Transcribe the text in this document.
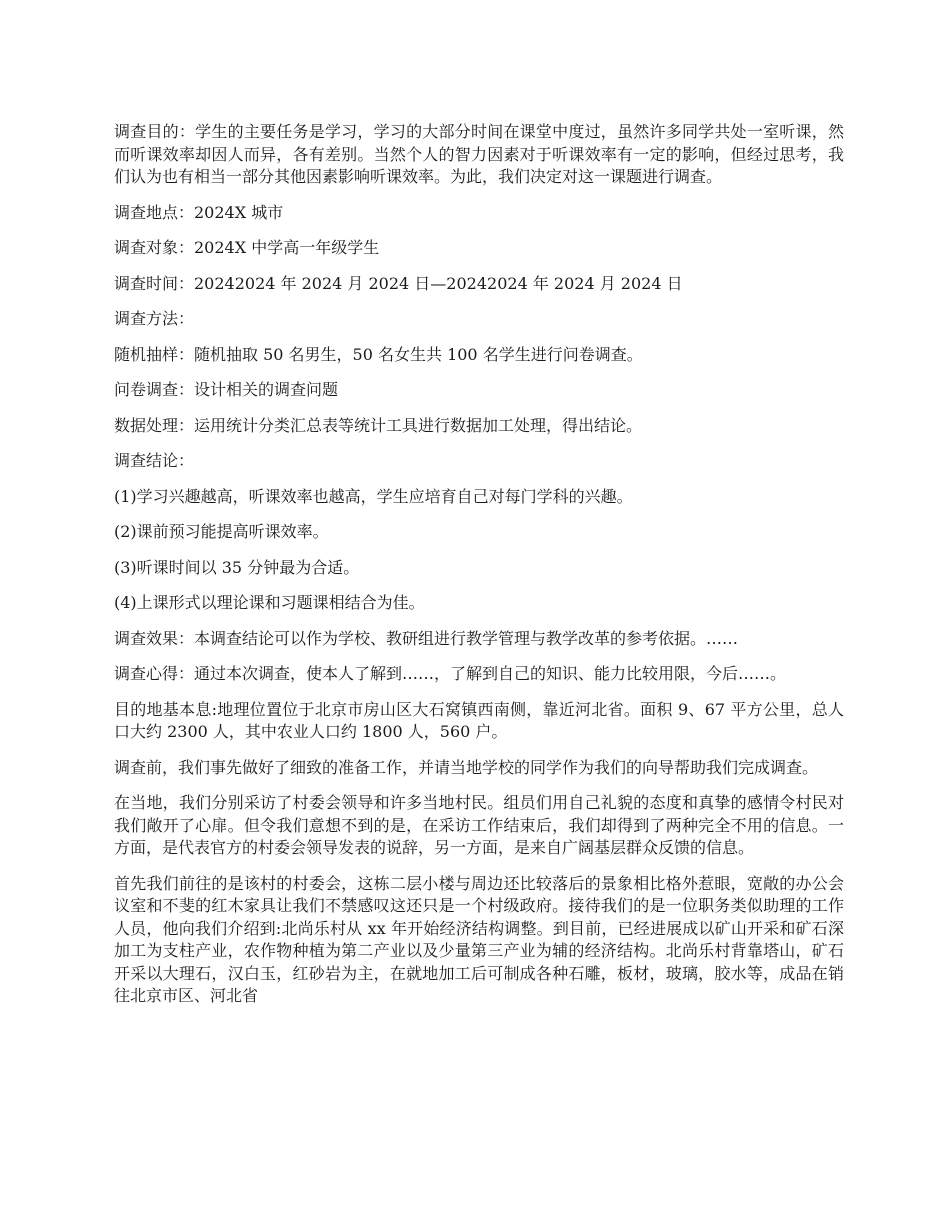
调查目的：学生的主要任务是学习，学习的大部分时间在课堂中度过，虽然许多同学共处一室听课，然而听课效率却因人而异，各有差别。当然个人的智力因素对于听课效率有一定的影响，但经过思考，我们认为也有相当一部分其他因素影响听课效率。为此，我们决定对这一课题进行调查。

调查地点：2024X 城市

调查对象：2024X 中学高一年级学生

调查时间：20242024 年 2024 月 2024 日—20242024 年 2024 月 2024 日

调查方法：

随机抽样：随机抽取 50 名男生，50 名女生共 100 名学生进行问卷调查。

问卷调查：设计相关的调查问题

数据处理：运用统计分类汇总表等统计工具进行数据加工处理，得出结论。

调查结论：

(1)学习兴趣越高，听课效率也越高，学生应培育自己对每门学科的兴趣。

(2)课前预习能提高听课效率。

(3)听课时间以 35 分钟最为合适。

(4)上课形式以理论课和习题课相结合为佳。

调查效果：本调查结论可以作为学校、教研组进行教学管理与教学改革的参考依据。……

调查心得：通过本次调查，使本人了解到……，了解到自己的知识、能力比较用限，今后……。

目的地基本息:地理位置位于北京市房山区大石窝镇西南侧，靠近河北省。面积 9、67 平方公里，总人口大约 2300 人，其中农业人口约 1800 人，560 户。

调查前，我们事先做好了细致的准备工作，并请当地学校的同学作为我们的向导帮助我们完成调查。

在当地，我们分别采访了村委会领导和许多当地村民。组员们用自己礼貌的态度和真挚的感情令村民对我们敞开了心扉。但令我们意想不到的是，在采访工作结束后，我们却得到了两种完全不用的信息。一方面，是代表官方的村委会领导发表的说辞，另一方面，是来自广阔基层群众反馈的信息。

首先我们前往的是该村的村委会，这栋二层小楼与周边还比较落后的景象相比格外惹眼，宽敞的办公会议室和不斐的红木家具让我们不禁感叹这还只是一个村级政府。接待我们的是一位职务类似助理的工作人员，他向我们介绍到:北尚乐村从 xx 年开始经济结构调整。到目前，已经进展成以矿山开采和矿石深加工为支柱产业，农作物种植为第二产业以及少量第三产业为辅的经济结构。北尚乐村背靠塔山，矿石开采以大理石，汉白玉，红砂岩为主，在就地加工后可制成各种石雕，板材，玻璃，胶水等，成品在销往北京市区、河北省
